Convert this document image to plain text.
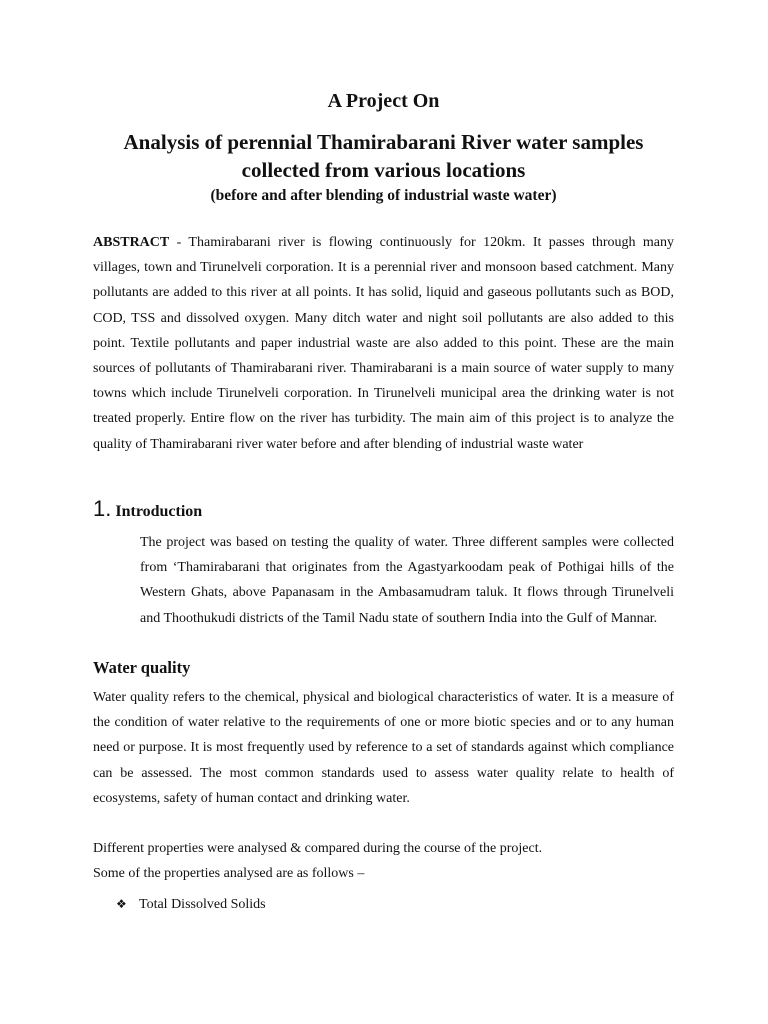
A Project On

Analysis of perennial Thamirabarani River water samples collected from various locations

(before and after blending of industrial waste water)

ABSTRACT - Thamirabarani river is flowing continuously for 120km. It passes through many villages, town and Tirunelveli corporation. It is a perennial river and monsoon based catchment. Many pollutants are added to this river at all points. It has solid, liquid and gaseous pollutants such as BOD, COD, TSS and dissolved oxygen. Many ditch water and night soil pollutants are also added to this point. Textile pollutants and paper industrial waste are also added to this point. These are the main sources of pollutants of Thamirabarani river. Thamirabarani is a main source of water supply to many towns which include Tirunelveli corporation. In Tirunelveli municipal area the drinking water is not treated properly. Entire flow on the river has turbidity. The main aim of this project is to analyze the quality of Thamirabarani river water before and after blending of industrial waste water

1. Introduction

The project was based on testing the quality of water. Three different samples were collected from ‘Thamirabarani that originates from the Agastyarkoodam peak of Pothigai hills of the Western Ghats, above Papanasam in the Ambasamudram taluk. It flows through Tirunelveli and Thoothukudi districts of the Tamil Nadu state of southern India into the Gulf of Mannar.

Water quality

Water quality refers to the chemical, physical and biological characteristics of water. It is a measure of the condition of water relative to the requirements of one or more biotic species and or to any human need or purpose. It is most frequently used by reference to a set of standards against which compliance can be assessed. The most common standards used to assess water quality relate to health of ecosystems, safety of human contact and drinking water.

Different properties were analysed & compared during the course of the project.

Some of the properties analysed are as follows –

❖ Total Dissolved Solids
